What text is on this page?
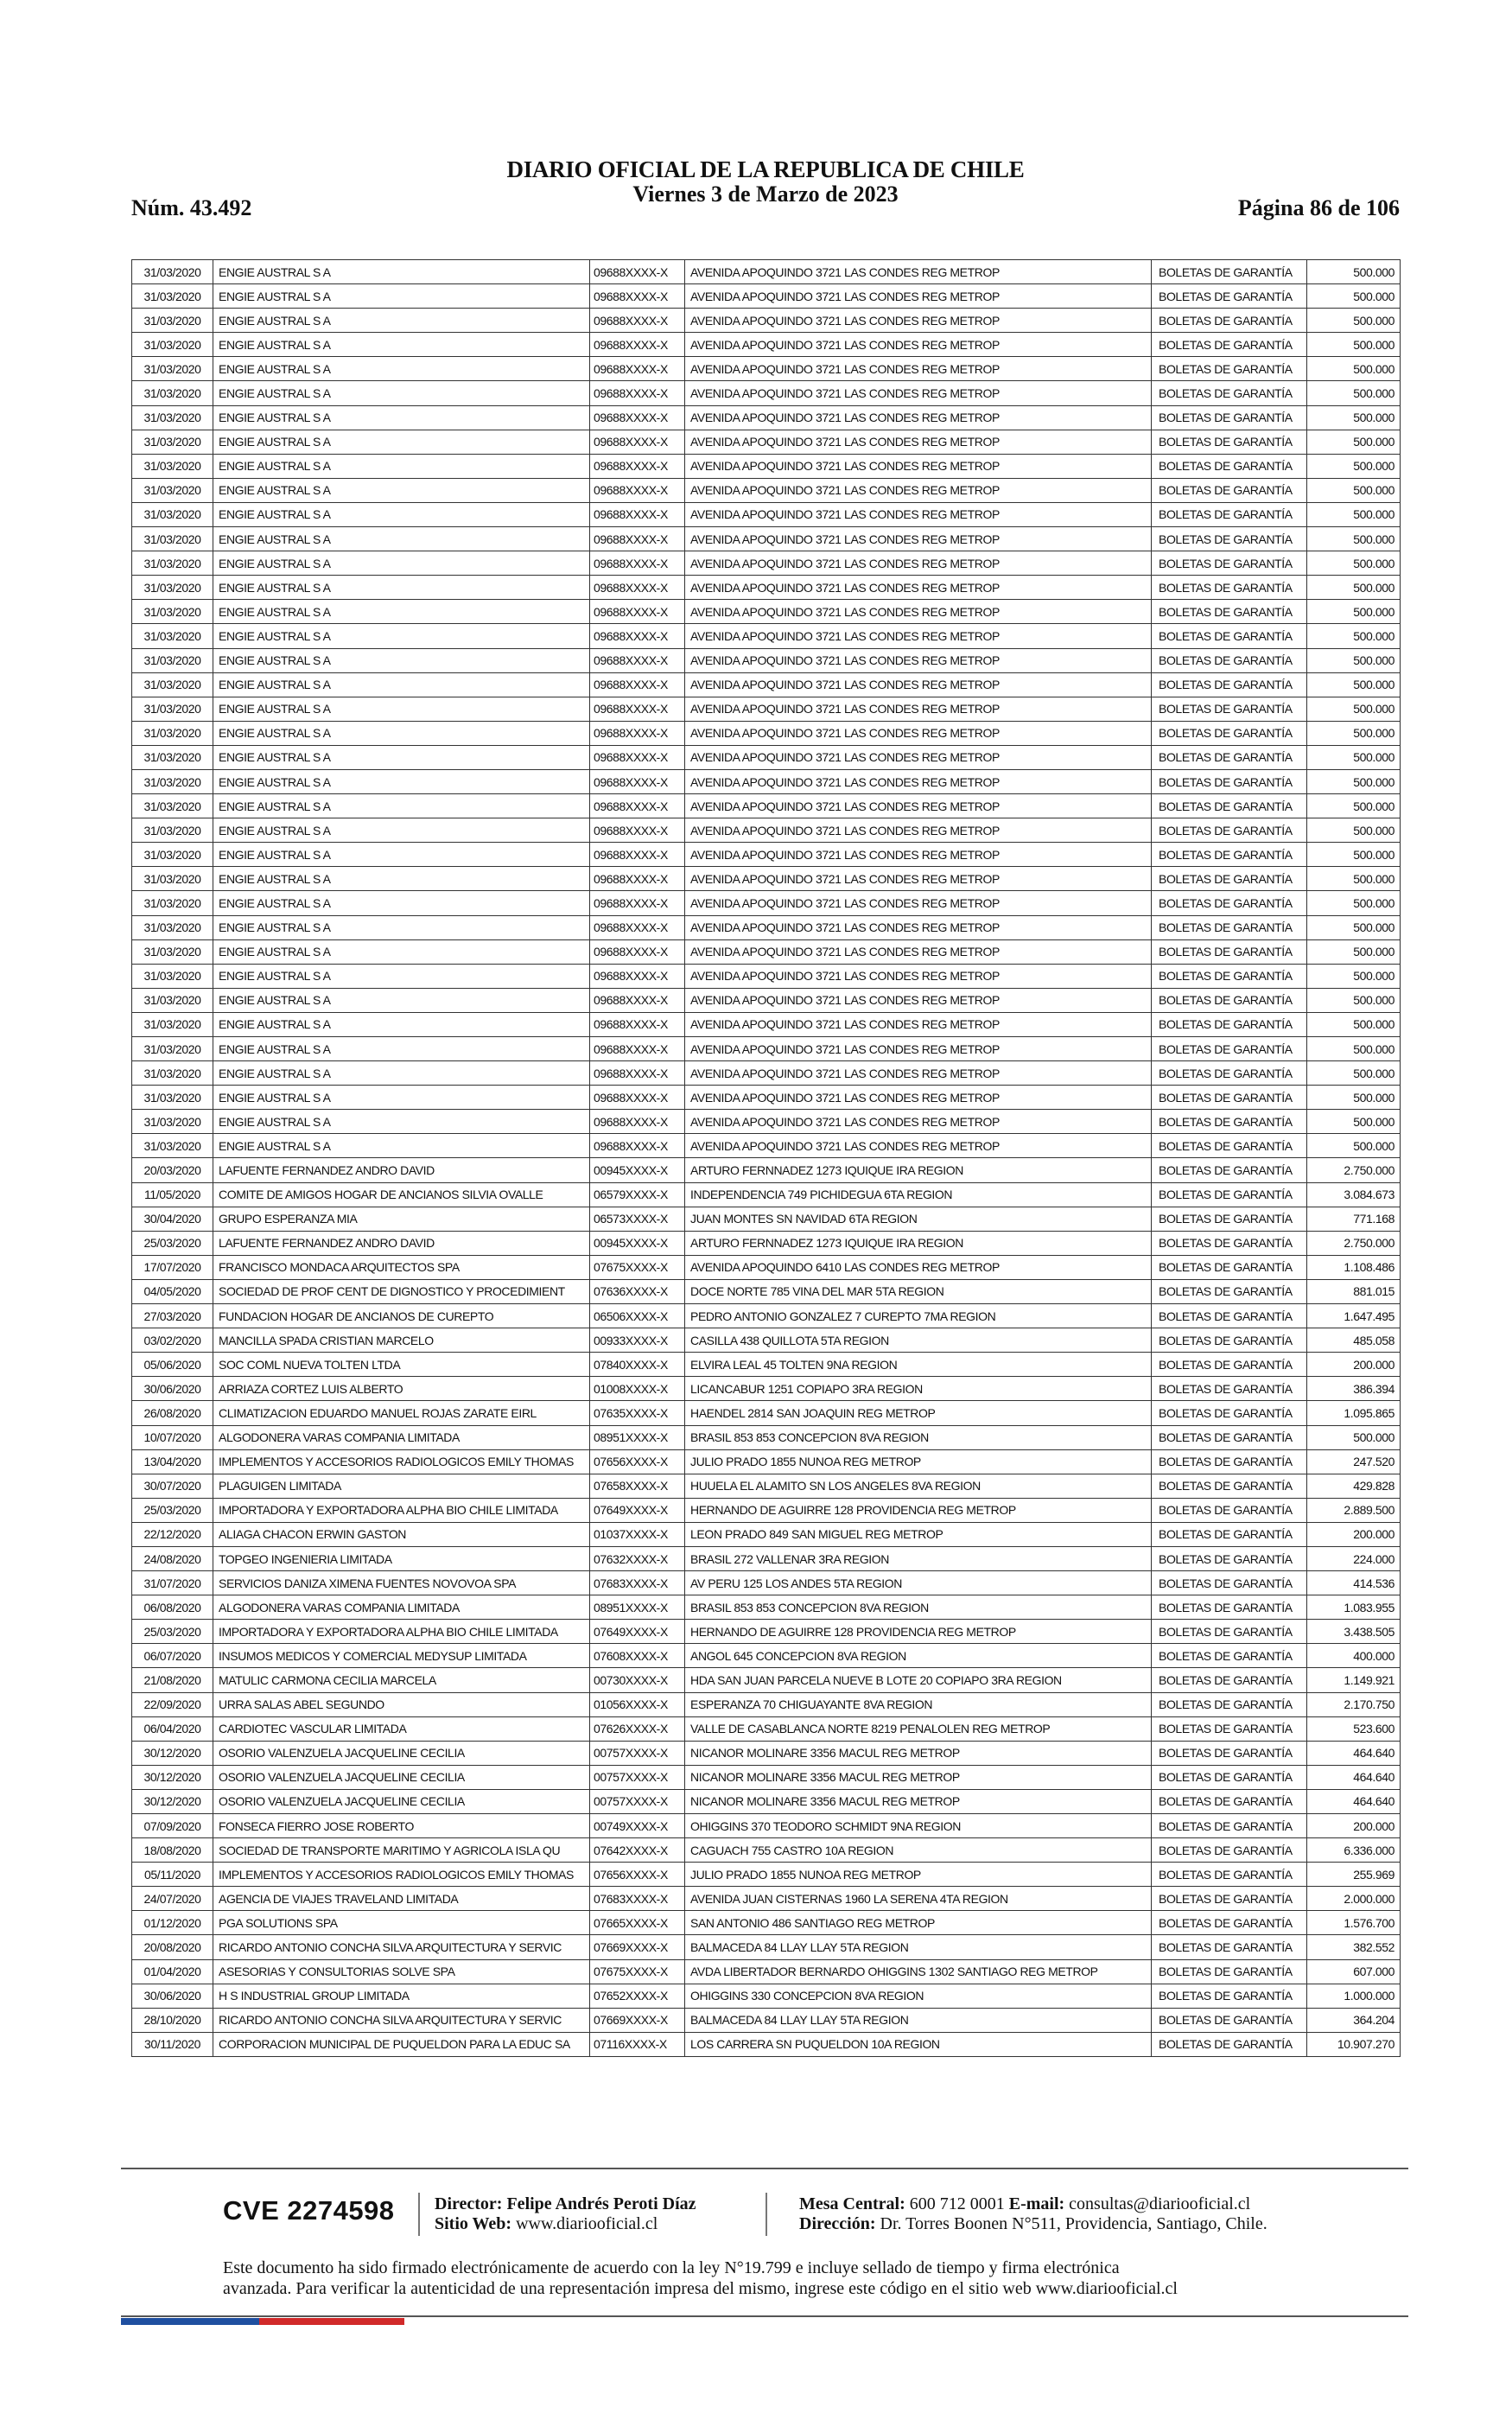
Núm. 43.492
DIARIO OFICIAL DE LA REPUBLICA DE CHILE
Viernes 3 de Marzo de 2023
Página 86 de 106
31/03/2020	ENGIE AUSTRAL S A	09688XXXX-X	AVENIDA APOQUINDO 3721 LAS CONDES REG METROP	BOLETAS DE GARANTÍA	500.000
31/03/2020	ENGIE AUSTRAL S A	09688XXXX-X	AVENIDA APOQUINDO 3721 LAS CONDES REG METROP	BOLETAS DE GARANTÍA	500.000
31/03/2020	ENGIE AUSTRAL S A	09688XXXX-X	AVENIDA APOQUINDO 3721 LAS CONDES REG METROP	BOLETAS DE GARANTÍA	500.000
31/03/2020	ENGIE AUSTRAL S A	09688XXXX-X	AVENIDA APOQUINDO 3721 LAS CONDES REG METROP	BOLETAS DE GARANTÍA	500.000
31/03/2020	ENGIE AUSTRAL S A	09688XXXX-X	AVENIDA APOQUINDO 3721 LAS CONDES REG METROP	BOLETAS DE GARANTÍA	500.000
31/03/2020	ENGIE AUSTRAL S A	09688XXXX-X	AVENIDA APOQUINDO 3721 LAS CONDES REG METROP	BOLETAS DE GARANTÍA	500.000
31/03/2020	ENGIE AUSTRAL S A	09688XXXX-X	AVENIDA APOQUINDO 3721 LAS CONDES REG METROP	BOLETAS DE GARANTÍA	500.000
31/03/2020	ENGIE AUSTRAL S A	09688XXXX-X	AVENIDA APOQUINDO 3721 LAS CONDES REG METROP	BOLETAS DE GARANTÍA	500.000
31/03/2020	ENGIE AUSTRAL S A	09688XXXX-X	AVENIDA APOQUINDO 3721 LAS CONDES REG METROP	BOLETAS DE GARANTÍA	500.000
31/03/2020	ENGIE AUSTRAL S A	09688XXXX-X	AVENIDA APOQUINDO 3721 LAS CONDES REG METROP	BOLETAS DE GARANTÍA	500.000
31/03/2020	ENGIE AUSTRAL S A	09688XXXX-X	AVENIDA APOQUINDO 3721 LAS CONDES REG METROP	BOLETAS DE GARANTÍA	500.000
31/03/2020	ENGIE AUSTRAL S A	09688XXXX-X	AVENIDA APOQUINDO 3721 LAS CONDES REG METROP	BOLETAS DE GARANTÍA	500.000
31/03/2020	ENGIE AUSTRAL S A	09688XXXX-X	AVENIDA APOQUINDO 3721 LAS CONDES REG METROP	BOLETAS DE GARANTÍA	500.000
31/03/2020	ENGIE AUSTRAL S A	09688XXXX-X	AVENIDA APOQUINDO 3721 LAS CONDES REG METROP	BOLETAS DE GARANTÍA	500.000
31/03/2020	ENGIE AUSTRAL S A	09688XXXX-X	AVENIDA APOQUINDO 3721 LAS CONDES REG METROP	BOLETAS DE GARANTÍA	500.000
31/03/2020	ENGIE AUSTRAL S A	09688XXXX-X	AVENIDA APOQUINDO 3721 LAS CONDES REG METROP	BOLETAS DE GARANTÍA	500.000
31/03/2020	ENGIE AUSTRAL S A	09688XXXX-X	AVENIDA APOQUINDO 3721 LAS CONDES REG METROP	BOLETAS DE GARANTÍA	500.000
31/03/2020	ENGIE AUSTRAL S A	09688XXXX-X	AVENIDA APOQUINDO 3721 LAS CONDES REG METROP	BOLETAS DE GARANTÍA	500.000
31/03/2020	ENGIE AUSTRAL S A	09688XXXX-X	AVENIDA APOQUINDO 3721 LAS CONDES REG METROP	BOLETAS DE GARANTÍA	500.000
31/03/2020	ENGIE AUSTRAL S A	09688XXXX-X	AVENIDA APOQUINDO 3721 LAS CONDES REG METROP	BOLETAS DE GARANTÍA	500.000
31/03/2020	ENGIE AUSTRAL S A	09688XXXX-X	AVENIDA APOQUINDO 3721 LAS CONDES REG METROP	BOLETAS DE GARANTÍA	500.000
31/03/2020	ENGIE AUSTRAL S A	09688XXXX-X	AVENIDA APOQUINDO 3721 LAS CONDES REG METROP	BOLETAS DE GARANTÍA	500.000
31/03/2020	ENGIE AUSTRAL S A	09688XXXX-X	AVENIDA APOQUINDO 3721 LAS CONDES REG METROP	BOLETAS DE GARANTÍA	500.000
31/03/2020	ENGIE AUSTRAL S A	09688XXXX-X	AVENIDA APOQUINDO 3721 LAS CONDES REG METROP	BOLETAS DE GARANTÍA	500.000
31/03/2020	ENGIE AUSTRAL S A	09688XXXX-X	AVENIDA APOQUINDO 3721 LAS CONDES REG METROP	BOLETAS DE GARANTÍA	500.000
31/03/2020	ENGIE AUSTRAL S A	09688XXXX-X	AVENIDA APOQUINDO 3721 LAS CONDES REG METROP	BOLETAS DE GARANTÍA	500.000
31/03/2020	ENGIE AUSTRAL S A	09688XXXX-X	AVENIDA APOQUINDO 3721 LAS CONDES REG METROP	BOLETAS DE GARANTÍA	500.000
31/03/2020	ENGIE AUSTRAL S A	09688XXXX-X	AVENIDA APOQUINDO 3721 LAS CONDES REG METROP	BOLETAS DE GARANTÍA	500.000
31/03/2020	ENGIE AUSTRAL S A	09688XXXX-X	AVENIDA APOQUINDO 3721 LAS CONDES REG METROP	BOLETAS DE GARANTÍA	500.000
31/03/2020	ENGIE AUSTRAL S A	09688XXXX-X	AVENIDA APOQUINDO 3721 LAS CONDES REG METROP	BOLETAS DE GARANTÍA	500.000
31/03/2020	ENGIE AUSTRAL S A	09688XXXX-X	AVENIDA APOQUINDO 3721 LAS CONDES REG METROP	BOLETAS DE GARANTÍA	500.000
31/03/2020	ENGIE AUSTRAL S A	09688XXXX-X	AVENIDA APOQUINDO 3721 LAS CONDES REG METROP	BOLETAS DE GARANTÍA	500.000
31/03/2020	ENGIE AUSTRAL S A	09688XXXX-X	AVENIDA APOQUINDO 3721 LAS CONDES REG METROP	BOLETAS DE GARANTÍA	500.000
31/03/2020	ENGIE AUSTRAL S A	09688XXXX-X	AVENIDA APOQUINDO 3721 LAS CONDES REG METROP	BOLETAS DE GARANTÍA	500.000
31/03/2020	ENGIE AUSTRAL S A	09688XXXX-X	AVENIDA APOQUINDO 3721 LAS CONDES REG METROP	BOLETAS DE GARANTÍA	500.000
31/03/2020	ENGIE AUSTRAL S A	09688XXXX-X	AVENIDA APOQUINDO 3721 LAS CONDES REG METROP	BOLETAS DE GARANTÍA	500.000
31/03/2020	ENGIE AUSTRAL S A	09688XXXX-X	AVENIDA APOQUINDO 3721 LAS CONDES REG METROP	BOLETAS DE GARANTÍA	500.000
20/03/2020	LAFUENTE FERNANDEZ ANDRO DAVID	00945XXXX-X	ARTURO FERNNADEZ 1273 IQUIQUE IRA REGION	BOLETAS DE GARANTÍA	2.750.000
11/05/2020	COMITE DE AMIGOS HOGAR DE ANCIANOS SILVIA OVALLE	06579XXXX-X	INDEPENDENCIA 749 PICHIDEGUA 6TA REGION	BOLETAS DE GARANTÍA	3.084.673
30/04/2020	GRUPO ESPERANZA MIA	06573XXXX-X	JUAN MONTES SN NAVIDAD 6TA REGION	BOLETAS DE GARANTÍA	771.168
25/03/2020	LAFUENTE FERNANDEZ ANDRO DAVID	00945XXXX-X	ARTURO FERNNADEZ 1273 IQUIQUE IRA REGION	BOLETAS DE GARANTÍA	2.750.000
17/07/2020	FRANCISCO MONDACA ARQUITECTOS SPA	07675XXXX-X	AVENIDA APOQUINDO 6410 LAS CONDES REG METROP	BOLETAS DE GARANTÍA	1.108.486
04/05/2020	SOCIEDAD DE PROF CENT DE DIGNOSTICO Y PROCEDIMIENT	07636XXXX-X	DOCE NORTE 785 VINA DEL MAR 5TA REGION	BOLETAS DE GARANTÍA	881.015
27/03/2020	FUNDACION HOGAR DE ANCIANOS DE CUREPTO	06506XXXX-X	PEDRO ANTONIO GONZALEZ 7 CUREPTO 7MA REGION	BOLETAS DE GARANTÍA	1.647.495
03/02/2020	MANCILLA SPADA CRISTIAN MARCELO	00933XXXX-X	CASILLA 438 QUILLOTA 5TA REGION	BOLETAS DE GARANTÍA	485.058
05/06/2020	SOC COML NUEVA TOLTEN LTDA	07840XXXX-X	ELVIRA LEAL 45 TOLTEN 9NA REGION	BOLETAS DE GARANTÍA	200.000
30/06/2020	ARRIAZA CORTEZ LUIS ALBERTO	01008XXXX-X	LICANCABUR 1251 COPIAPO 3RA REGION	BOLETAS DE GARANTÍA	386.394
26/08/2020	CLIMATIZACION EDUARDO MANUEL ROJAS ZARATE EIRL	07635XXXX-X	HAENDEL 2814 SAN JOAQUIN REG METROP	BOLETAS DE GARANTÍA	1.095.865
10/07/2020	ALGODONERA VARAS COMPANIA LIMITADA	08951XXXX-X	BRASIL 853 853 CONCEPCION 8VA REGION	BOLETAS DE GARANTÍA	500.000
13/04/2020	IMPLEMENTOS Y ACCESORIOS RADIOLOGICOS EMILY THOMAS	07656XXXX-X	JULIO PRADO 1855 NUNOA REG METROP	BOLETAS DE GARANTÍA	247.520
30/07/2020	PLAGUIGEN LIMITADA	07658XXXX-X	HUUELA EL ALAMITO SN LOS ANGELES 8VA REGION	BOLETAS DE GARANTÍA	429.828
25/03/2020	IMPORTADORA Y EXPORTADORA ALPHA BIO CHILE LIMITADA	07649XXXX-X	HERNANDO DE AGUIRRE 128 PROVIDENCIA REG METROP	BOLETAS DE GARANTÍA	2.889.500
22/12/2020	ALIAGA CHACON ERWIN GASTON	01037XXXX-X	LEON PRADO 849 SAN MIGUEL REG METROP	BOLETAS DE GARANTÍA	200.000
24/08/2020	TOPGEO INGENIERIA LIMITADA	07632XXXX-X	BRASIL 272 VALLENAR 3RA REGION	BOLETAS DE GARANTÍA	224.000
31/07/2020	SERVICIOS DANIZA XIMENA FUENTES NOVOVOA SPA	07683XXXX-X	AV PERU 125 LOS ANDES 5TA REGION	BOLETAS DE GARANTÍA	414.536
06/08/2020	ALGODONERA VARAS COMPANIA LIMITADA	08951XXXX-X	BRASIL 853 853 CONCEPCION 8VA REGION	BOLETAS DE GARANTÍA	1.083.955
25/03/2020	IMPORTADORA Y EXPORTADORA ALPHA BIO CHILE LIMITADA	07649XXXX-X	HERNANDO DE AGUIRRE 128 PROVIDENCIA REG METROP	BOLETAS DE GARANTÍA	3.438.505
06/07/2020	INSUMOS MEDICOS Y COMERCIAL MEDYSUP LIMITADA	07608XXXX-X	ANGOL 645 CONCEPCION 8VA REGION	BOLETAS DE GARANTÍA	400.000
21/08/2020	MATULIC CARMONA CECILIA MARCELA	00730XXXX-X	HDA SAN JUAN PARCELA NUEVE B LOTE 20 COPIAPO 3RA REGION	BOLETAS DE GARANTÍA	1.149.921
22/09/2020	URRA SALAS ABEL SEGUNDO	01056XXXX-X	ESPERANZA 70 CHIGUAYANTE 8VA REGION	BOLETAS DE GARANTÍA	2.170.750
06/04/2020	CARDIOTEC VASCULAR LIMITADA	07626XXXX-X	VALLE DE CASABLANCA NORTE 8219 PENALOLEN REG METROP	BOLETAS DE GARANTÍA	523.600
30/12/2020	OSORIO VALENZUELA JACQUELINE CECILIA	00757XXXX-X	NICANOR MOLINARE 3356 MACUL REG METROP	BOLETAS DE GARANTÍA	464.640
30/12/2020	OSORIO VALENZUELA JACQUELINE CECILIA	00757XXXX-X	NICANOR MOLINARE 3356 MACUL REG METROP	BOLETAS DE GARANTÍA	464.640
30/12/2020	OSORIO VALENZUELA JACQUELINE CECILIA	00757XXXX-X	NICANOR MOLINARE 3356 MACUL REG METROP	BOLETAS DE GARANTÍA	464.640
07/09/2020	FONSECA FIERRO JOSE ROBERTO	00749XXXX-X	OHIGGINS 370 TEODORO SCHMIDT 9NA REGION	BOLETAS DE GARANTÍA	200.000
18/08/2020	SOCIEDAD DE TRANSPORTE MARITIMO Y AGRICOLA ISLA QU	07642XXXX-X	CAGUACH 755 CASTRO 10A REGION	BOLETAS DE GARANTÍA	6.336.000
05/11/2020	IMPLEMENTOS Y ACCESORIOS RADIOLOGICOS EMILY THOMAS	07656XXXX-X	JULIO PRADO 1855 NUNOA REG METROP	BOLETAS DE GARANTÍA	255.969
24/07/2020	AGENCIA DE VIAJES TRAVELAND LIMITADA	07683XXXX-X	AVENIDA JUAN CISTERNAS 1960 LA SERENA 4TA REGION	BOLETAS DE GARANTÍA	2.000.000
01/12/2020	PGA SOLUTIONS SPA	07665XXXX-X	SAN ANTONIO 486 SANTIAGO REG METROP	BOLETAS DE GARANTÍA	1.576.700
20/08/2020	RICARDO ANTONIO CONCHA SILVA ARQUITECTURA Y SERVIC	07669XXXX-X	BALMACEDA 84 LLAY LLAY 5TA REGION	BOLETAS DE GARANTÍA	382.552
01/04/2020	ASESORIAS Y CONSULTORIAS SOLVE SPA	07675XXXX-X	AVDA LIBERTADOR BERNARDO OHIGGINS 1302 SANTIAGO REG METROP	BOLETAS DE GARANTÍA	607.000
30/06/2020	H S INDUSTRIAL GROUP LIMITADA	07652XXXX-X	OHIGGINS 330 CONCEPCION 8VA REGION	BOLETAS DE GARANTÍA	1.000.000
28/10/2020	RICARDO ANTONIO CONCHA SILVA ARQUITECTURA Y SERVIC	07669XXXX-X	BALMACEDA 84 LLAY LLAY 5TA REGION	BOLETAS DE GARANTÍA	364.204
30/11/2020	CORPORACION MUNICIPAL DE PUQUELDON PARA LA EDUC SA	07116XXXX-X	LOS CARRERA SN PUQUELDON 10A REGION	BOLETAS DE GARANTÍA	10.907.270
CVE 2274598 Director: Felipe Andrés Peroti Díaz
Sitio Web: www.diariooficial.cl
Mesa Central: 600 712 0001 E-mail: consultas@diariooficial.cl
Dirección: Dr. Torres Boonen N°511, Providencia, Santiago, Chile.
Este documento ha sido firmado electrónicamente de acuerdo con la ley N°19.799 e incluye sellado de tiempo y firma electrónica
avanzada. Para verificar la autenticidad de una representación impresa del mismo, ingrese este código en el sitio web www.diariooficial.cl
